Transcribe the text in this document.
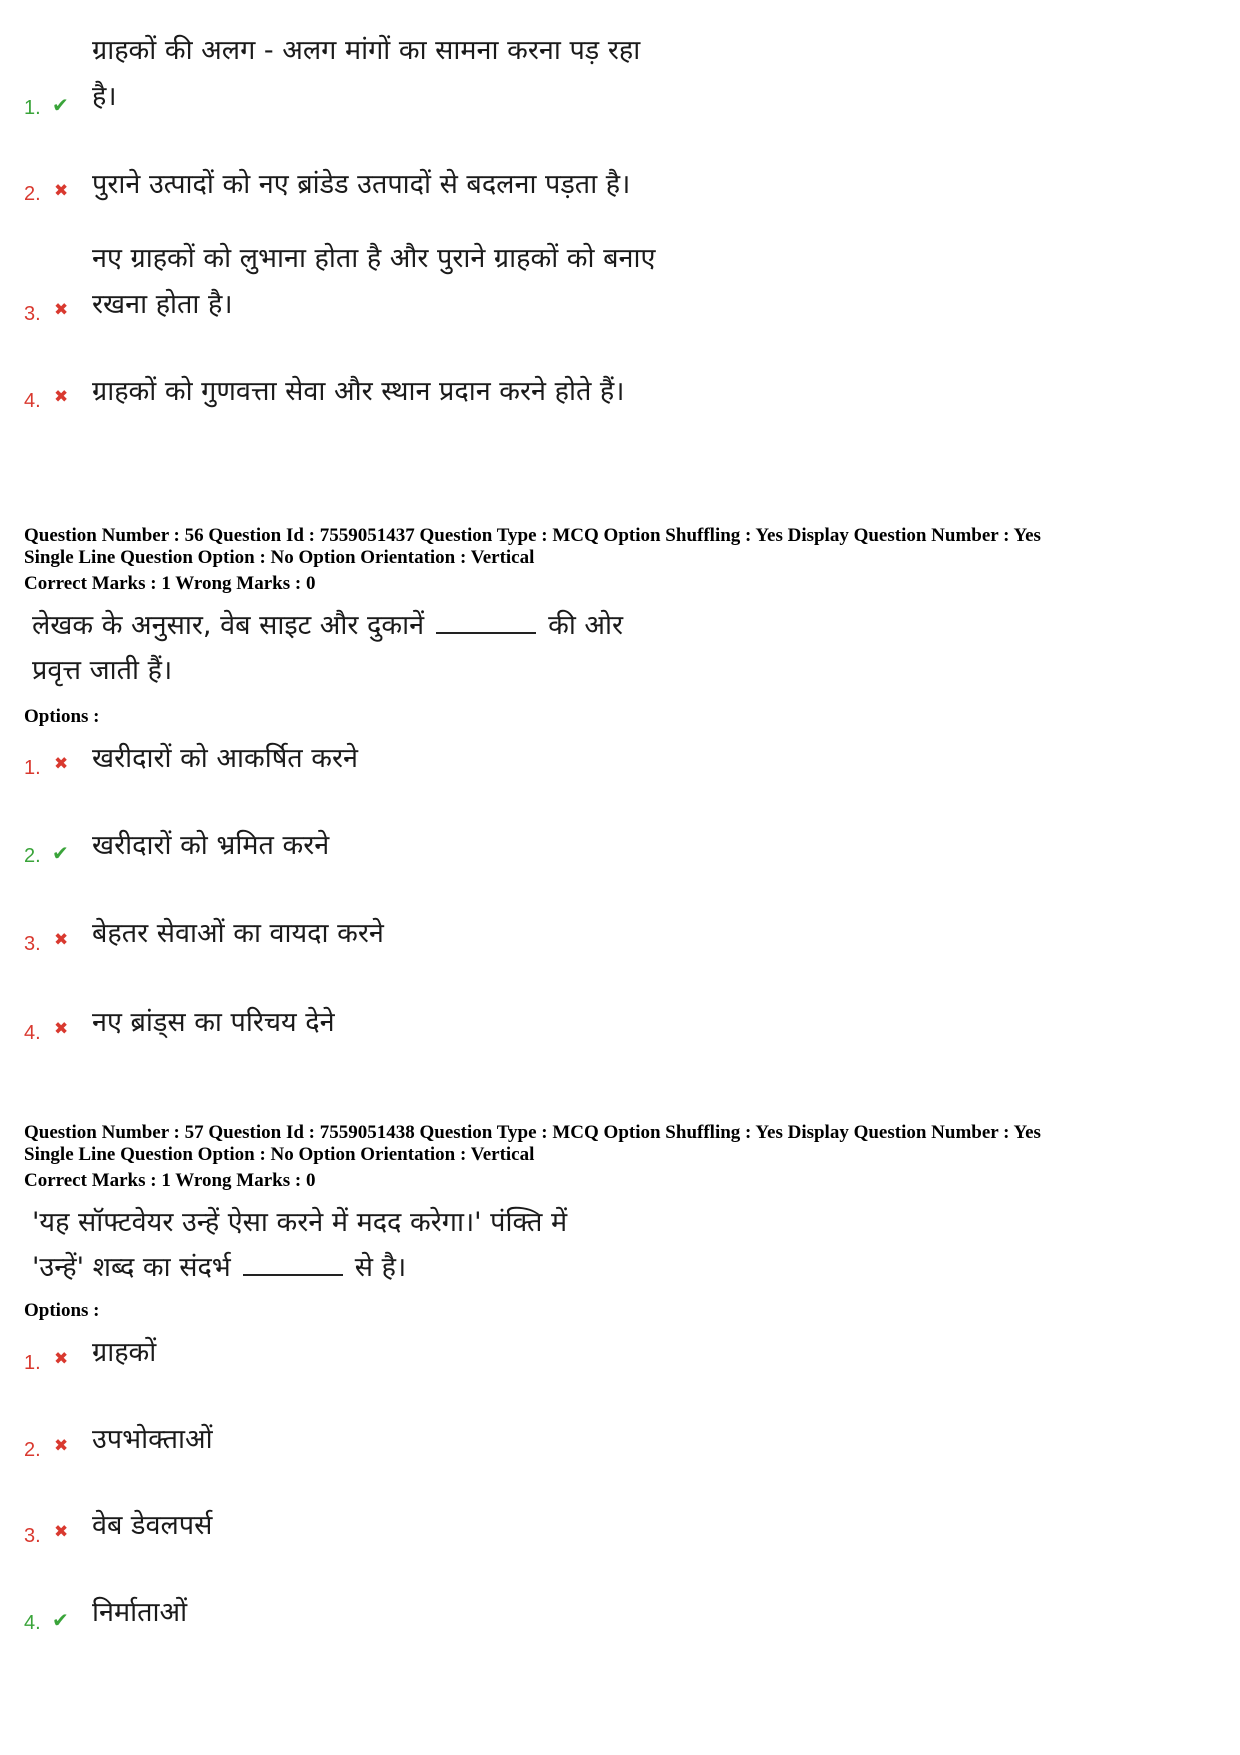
ग्राहकों की अलग - अलग मांगों का सामना करना पड़ रहा
है।
1. ✔
पुराने उत्पादों को नए ब्रांडेड उतपादों से बदलना पड़ता है।
2. ✖
नए ग्राहकों को लुभाना होता है और पुराने ग्राहकों को बनाए
रखना होता है।
3. ✖
ग्राहकों को गुणवत्ता सेवा और स्थान प्रदान करने होते हैं।
4. ✖
Question Number : 56 Question Id : 7559051437 Question Type : MCQ Option Shuffling : Yes Display Question Number : Yes
Single Line Question Option : No Option Orientation : Vertical
Correct Marks : 1 Wrong Marks : 0
लेखक के अनुसार, वेब साइट और दुकानें	की ओर
प्रवृत्त जाती हैं।
Options :
खरीदारों को आकर्षित करने
1. ✖
खरीदारों को भ्रमित करने
2. ✔
बेहतर सेवाओं का वायदा करने
3. ✖
नए ब्रांड्स का परिचय देने
4. ✖
Question Number : 57 Question Id : 7559051438 Question Type : MCQ Option Shuffling : Yes Display Question Number : Yes
Single Line Question Option : No Option Orientation : Vertical
Correct Marks : 1 Wrong Marks : 0
'यह सॉफ्टवेयर उन्हें ऐसा करने में मदद करेगा।' पंक्ति में
'उन्हें' शब्द का संदर्भ	से है।
Options :
ग्राहकों
1. ✖
उपभोक्ताओं
2. ✖
वेब डेवलपर्स
3. ✖
निर्माताओं
4. ✔
